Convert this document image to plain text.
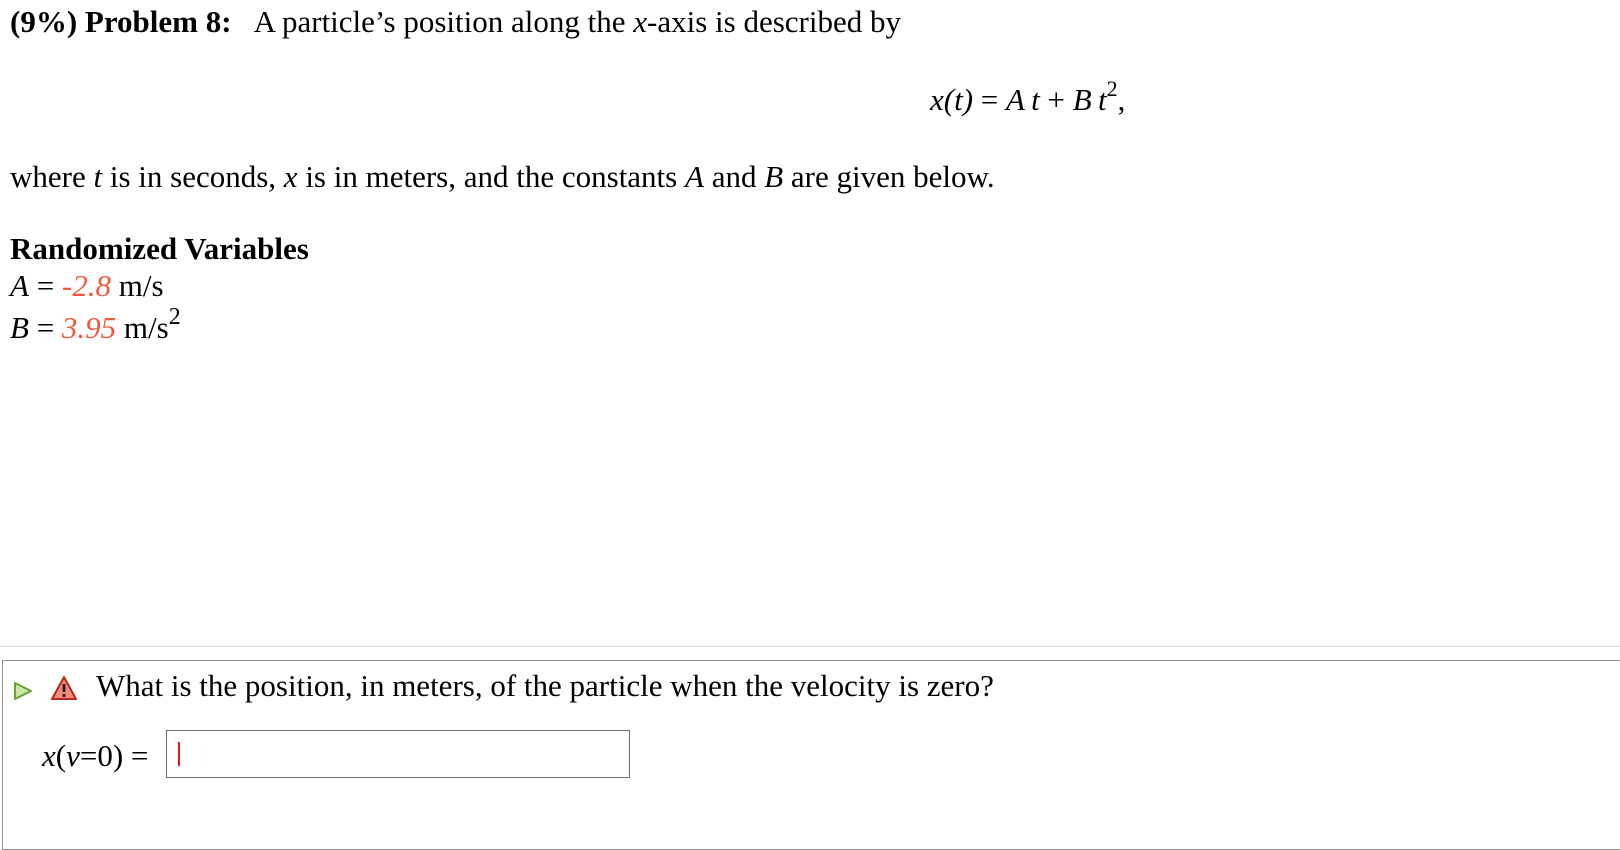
(9%) Problem 8: A particle’s position along the x-axis is described by
x(t) = A  t + B  $t^2$,
where t is in seconds, x is in meters, and the constants A and B are given below.
Randomized Variables
A = -2.8 m/s
B = 3.95 $m/s^2$
What is the position, in meters, of the particle when the velocity is zero?
x(v=0) =
